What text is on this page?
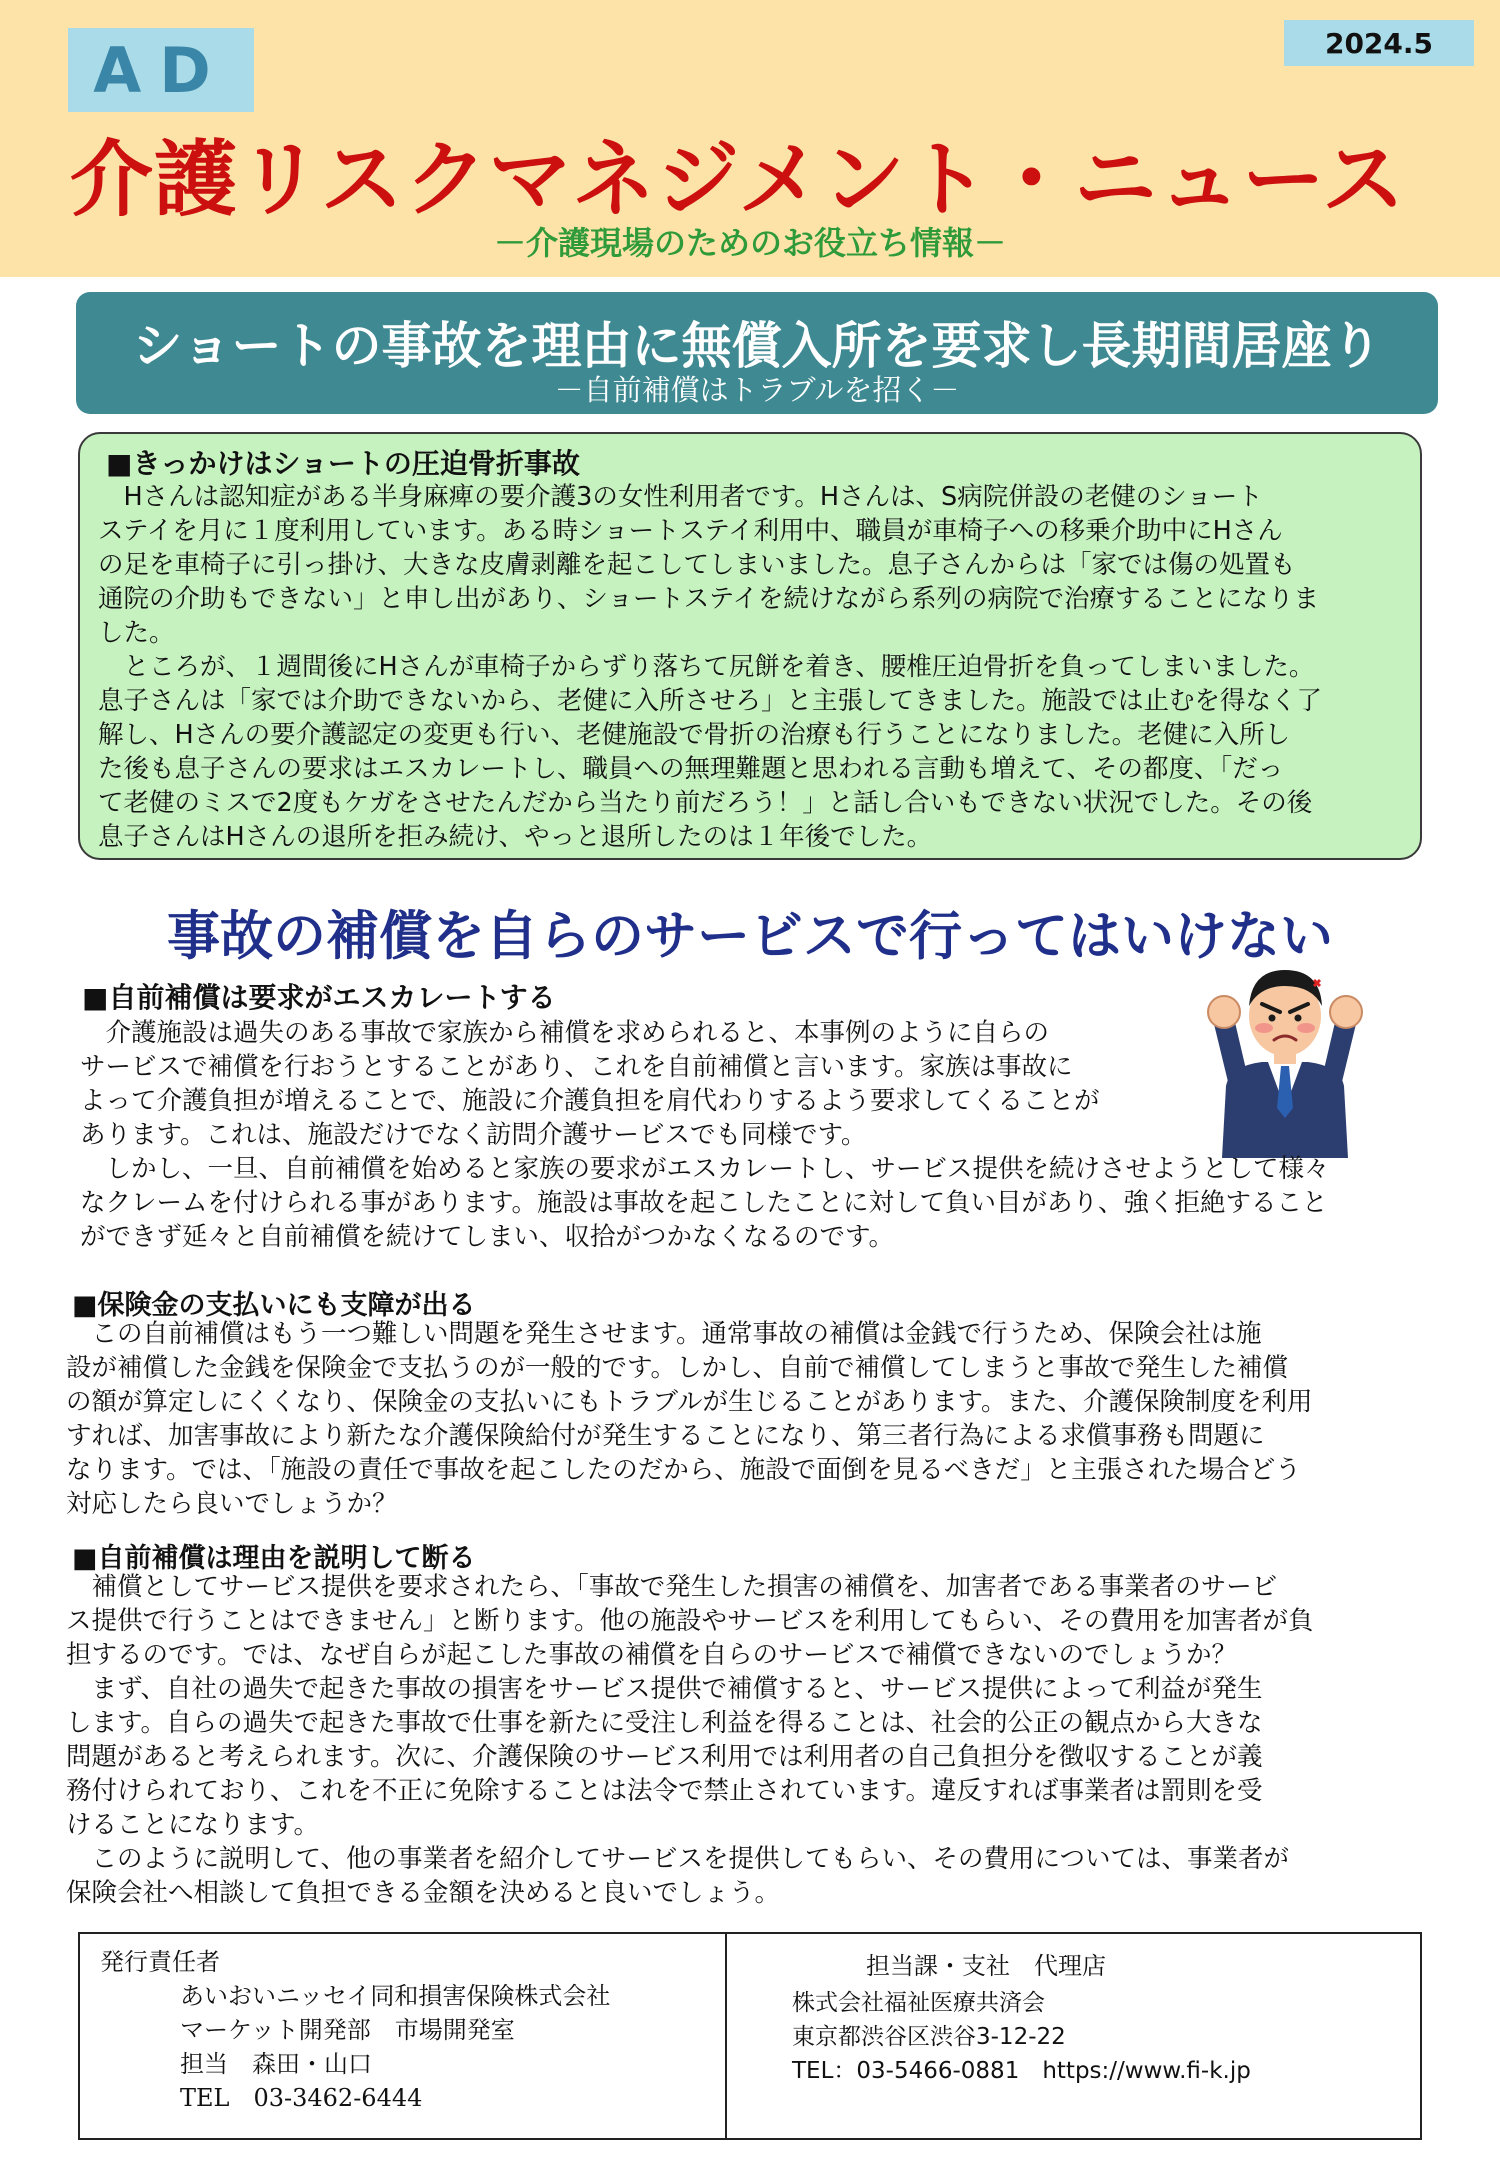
AD	2024.5
介護リスクマネジメント・ニュース
－介護現場のためのお役立ち情報－
ショートの事故を理由に無償入所を要求し長期間居座り
－自前補償はトラブルを招く－
■きっかけはショートの圧迫骨折事故
　Hさんは認知症がある半身麻痺の要介護3の女性利用者です。Hさんは、S病院併設の老健のショート
ステイを月に１度利用しています。ある時ショートステイ利用中、職員が車椅子への移乗介助中にHさん
の足を車椅子に引っ掛け、大きな皮膚剥離を起こしてしまいました。息子さんからは「家では傷の処置も
通院の介助もできない」と申し出があり、ショートステイを続けながら系列の病院で治療することになりま
した。
　ところが、１週間後にHさんが車椅子からずり落ちて尻餅を着き、腰椎圧迫骨折を負ってしまいました。
息子さんは「家では介助できないから、老健に入所させろ」と主張してきました。施設では止むを得なく了
解し、Hさんの要介護認定の変更も行い、老健施設で骨折の治療も行うことになりました。老健に入所し
た後も息子さんの要求はエスカレートし、職員への無理難題と思われる言動も増えて、その都度、「だっ
て老健のミスで2度もケガをさせたんだから当たり前だろう！」と話し合いもできない状況でした。その後
息子さんはHさんの退所を拒み続け、やっと退所したのは１年後でした。
事故の補償を自らのサービスで行ってはいけない
■自前補償は要求がエスカレートする
　介護施設は過失のある事故で家族から補償を求められると、本事例のように自らの
サービスで補償を行おうとすることがあり、これを自前補償と言います。家族は事故に
よって介護負担が増えることで、施設に介護負担を肩代わりするよう要求してくることが
あります。これは、施設だけでなく訪問介護サービスでも同様です。
　しかし、一旦、自前補償を始めると家族の要求がエスカレートし、サービス提供を続けさせようとして様々
なクレームを付けられる事があります。施設は事故を起こしたことに対して負い目があり、強く拒絶すること
ができず延々と自前補償を続けてしまい、収拾がつかなくなるのです。
■保険金の支払いにも支障が出る
　この自前補償はもう一つ難しい問題を発生させます。通常事故の補償は金銭で行うため、保険会社は施
設が補償した金銭を保険金で支払うのが一般的です。しかし、自前で補償してしまうと事故で発生した補償
の額が算定しにくくなり、保険金の支払いにもトラブルが生じることがあります。また、介護保険制度を利用
すれば、加害事故により新たな介護保険給付が発生することになり、第三者行為による求償事務も問題に
なります。では、「施設の責任で事故を起こしたのだから、施設で面倒を見るべきだ」と主張された場合どう
対応したら良いでしょうか？
■自前補償は理由を説明して断る
　補償としてサービス提供を要求されたら、「事故で発生した損害の補償を、加害者である事業者のサービ
ス提供で行うことはできません」と断ります。他の施設やサービスを利用してもらい、その費用を加害者が負
担するのです。では、なぜ自らが起こした事故の補償を自らのサービスで補償できないのでしょうか？
　まず、自社の過失で起きた事故の損害をサービス提供で補償すると、サービス提供によって利益が発生
します。自らの過失で起きた事故で仕事を新たに受注し利益を得ることは、社会的公正の観点から大きな
問題があると考えられます。次に、介護保険のサービス利用では利用者の自己負担分を徴収することが義
務付けられており、これを不正に免除することは法令で禁止されています。違反すれば事業者は罰則を受
けることになります。
　このように説明して、他の事業者を紹介してサービスを提供してもらい、その費用については、事業者が
保険会社へ相談して負担できる金額を決めると良いでしょう。
発行責任者
あいおいニッセイ同和損害保険株式会社
マーケット開発部　市場開発室
担当　森田・山口
TEL　03-3462-6444
担当課・支社　代理店
株式会社福祉医療共済会
東京都渋谷区渋谷3-12-22
TEL：03-5466-0881　https://www.fi-k.jp
